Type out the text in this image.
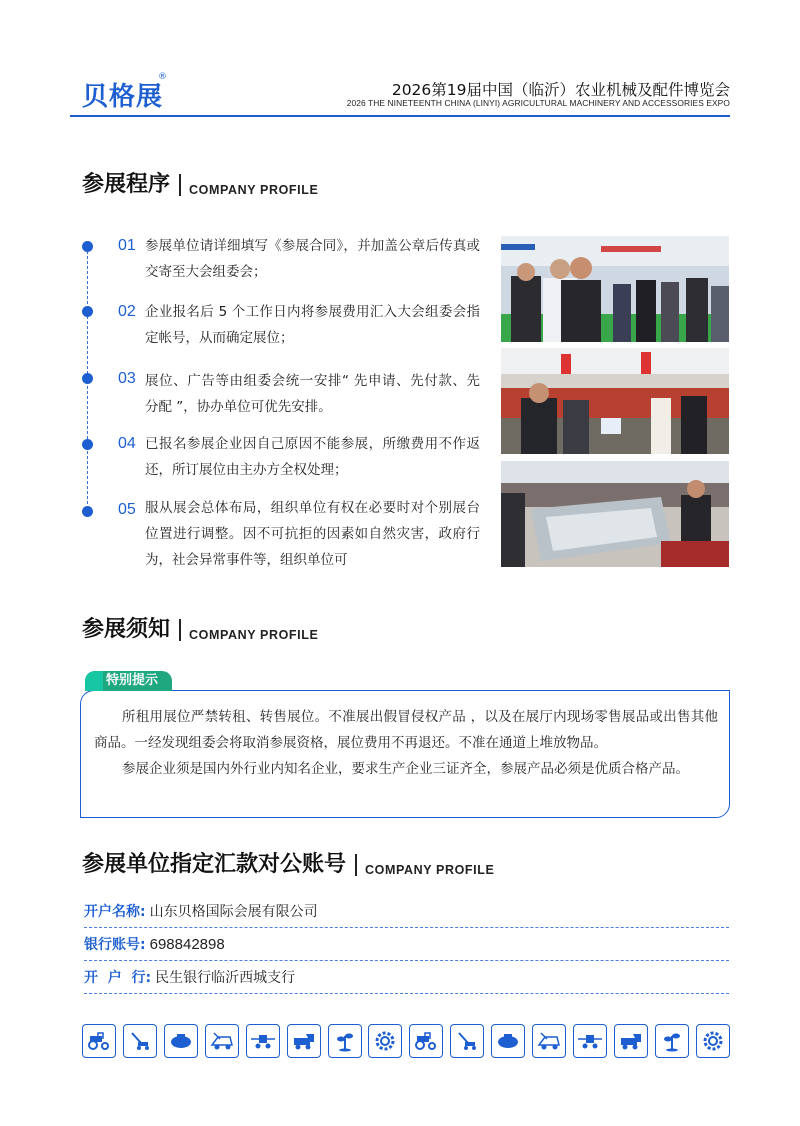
贝格展
®
2026第19届中国（临沂）农业机械及配件博览会
2026 THE NINETEENTH CHINA (LINYI) AGRICULTURAL MACHINERY AND ACCESSORIES EXPO
参展程序 COMPANY PROFILE
01 参展单位请详细填写《参展合同》，并加盖公章后传真或交寄至大会组委会；
02 企业报名后 5 个工作日内将参展费用汇入大会组委会指定帐号，从而确定展位；
03 展位、广告等由组委会统一安排“ 先申请、先付款、先分配 ”，协办单位可优先安排。
04 已报名参展企业因自己原因不能参展，所缴费用不作返还，所订展位由主办方全权处理；
05 服从展会总体布局，组织单位有权在必要时对个别展台位置进行调整。因不可抗拒的因素如自然灾害，政府行为，社会异常事件等，组织单位可
参展须知 COMPANY PROFILE
特别提示
所租用展位严禁转租、转售展位。不准展出假冒侵权产品 ，以及在展厅内现场零售展品或出售其他商品。一经发现组委会将取消参展资格，展位费用不再退还。不准在通道上堆放物品。
参展企业须是国内外行业内知名企业，要求生产企业三证齐全，参展产品必须是优质合格产品。
参展单位指定汇款对公账号 COMPANY PROFILE
开户名称: 山东贝格国际会展有限公司
银行账号: 698842898
开  户  行: 民生银行临沂西城支行
